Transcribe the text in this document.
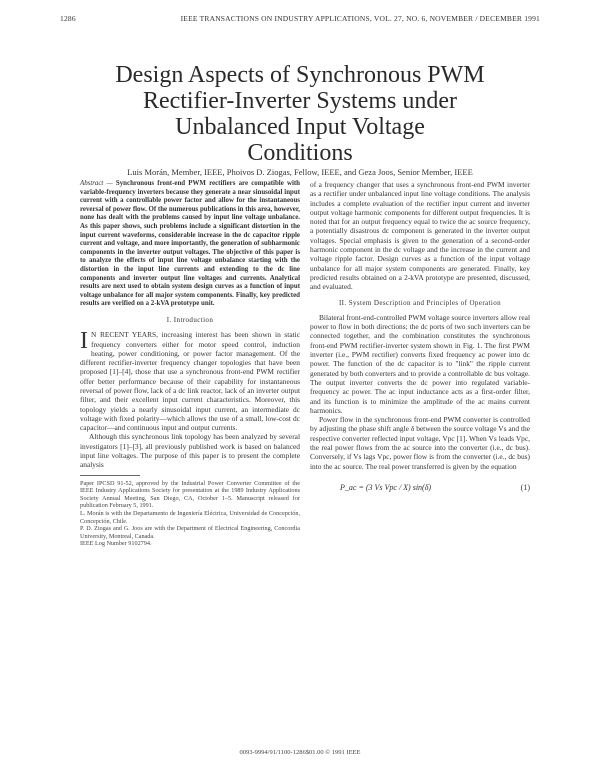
1286	IEEE TRANSACTIONS ON INDUSTRY APPLICATIONS, VOL. 27, NO. 6, NOVEMBER / DECEMBER 1991
Design Aspects of Synchronous PWM
Rectifier-Inverter Systems under
Unbalanced Input Voltage
Conditions
Luis Morán, Member, IEEE, Phoivos D. Ziogas, Fellow, IEEE, and Geza Joos, Senior Member, IEEE
Abstract — Synchronous front-end PWM rectifiers are compatible with variable-frequency inverters because they generate a near sinusoidal input current with a controllable power factor and allow for the instantaneous reversal of power flow. Of the numerous publications in this area, however, none has dealt with the problems caused by input line voltage unbalance. As this paper shows, such problems include a significant distortion in the input current waveforms, considerable increase in the dc capacitor ripple current and voltage, and more importantly, the generation of subharmonic components in the inverter output voltages. The objective of this paper is to analyze the effects of input line voltage unbalance starting with the distortion in the input line currents and extending to the dc line components and inverter output line voltages and currents. Analytical results are next used to obtain system design curves as a function of input voltage unbalance for all major system components. Finally, key predicted results are verified on a 2-kVA prototype unit.
I. Introduction

I N RECENT YEARS, increasing interest has been shown in static frequency converters either for motor speed control, induction heating, power conditioning, or power factor management. Of the different rectifier-inverter frequency changer topologies that have been proposed [1]–[4], those that use a synchronous front-end PWM rectifier offer better performance because of their capability for instantaneous reversal of power flow, lack of a dc link reactor, lack of an inverter output filter, and their excellent input current characteristics. Moreover, this topology yields a nearly sinusoidal input current, an intermediate dc voltage with fixed polarity—which allows the use of a small, low-cost dc capacitor—and continuous input and output currents.

Although this synchronous link topology has been analyzed by several investigators [1]–[3], all previously published work is based on balanced input line voltages. The purpose of this paper is to present the complete analysis

Paper IPCSD 91-52, approved by the Industrial Power Converter Committee of the IEEE Industry Applications Society for presentation at the 1989 Industry Applications Society Annual Meeting, San Diego, CA, October 1–5. Manuscript released for publication February 5, 1991.

L. Morán is with the Departamento de Ingeniería Eléctrica, Universidad de Concepción, Concepción, Chile.

P. D. Ziogas and G. Joos are with the Department of Electrical Engineering, Concordia University, Montreal, Canada.

IEEE Log Number 9102794.

of a frequency changer that uses a synchronous front-end PWM inverter as a rectifier under unbalanced input line voltage conditions. The analysis includes a complete evaluation of the rectifier input current and inverter output voltage harmonic components for different output frequencies. It is noted that for an output frequency equal to twice the ac source frequency, a potentially disastrous dc component is generated in the inverter output voltages. Special emphasis is given to the generation of a second-order harmonic component in the dc voltage and the increase in the current and voltage ripple factor. Design curves as a function of the input voltage unbalance for all major system components are generated. Finally, key predicted results obtained on a 2-kVA prototype are presented, discussed, and evaluated.

II. System Description and Principles of Operation

Bilateral front-end-controlled PWM voltage source inverters allow real power to flow in both directions; the dc ports of two such inverters can be connected together, and the combination constitutes the synchronous front-end PWM rectifier-inverter system shown in Fig. 1. The first PWM inverter (i.e., PWM rectifier) converts fixed frequency ac power into dc power. The function of the dc capacitor is to "link" the ripple current generated by both converters and to provide a controllable dc bus voltage. The output inverter converts the dc power into regulated variable-frequency ac power. The ac input inductance acts as a first-order filter, and its function is to minimize the amplitude of the ac mains current harmonics.

Power flow in the synchronous front-end PWM converter is controlled by adjusting the phase shift angle δ between the source voltage Vs and the respective converter reflected input voltage, Vpc [1]. When Vs leads Vpc, the real power flows from the ac source into the converter (i.e., dc bus). Conversely, if Vs lags Vpc, power flow is from the converter (i.e., dc bus) into the ac source. The real power transferred is given by the equation

P_ac = (3 Vs Vpc / X) sin(δ)	(1)
0093-9994/91/1100-1286$01.00 © 1991 IEEE
